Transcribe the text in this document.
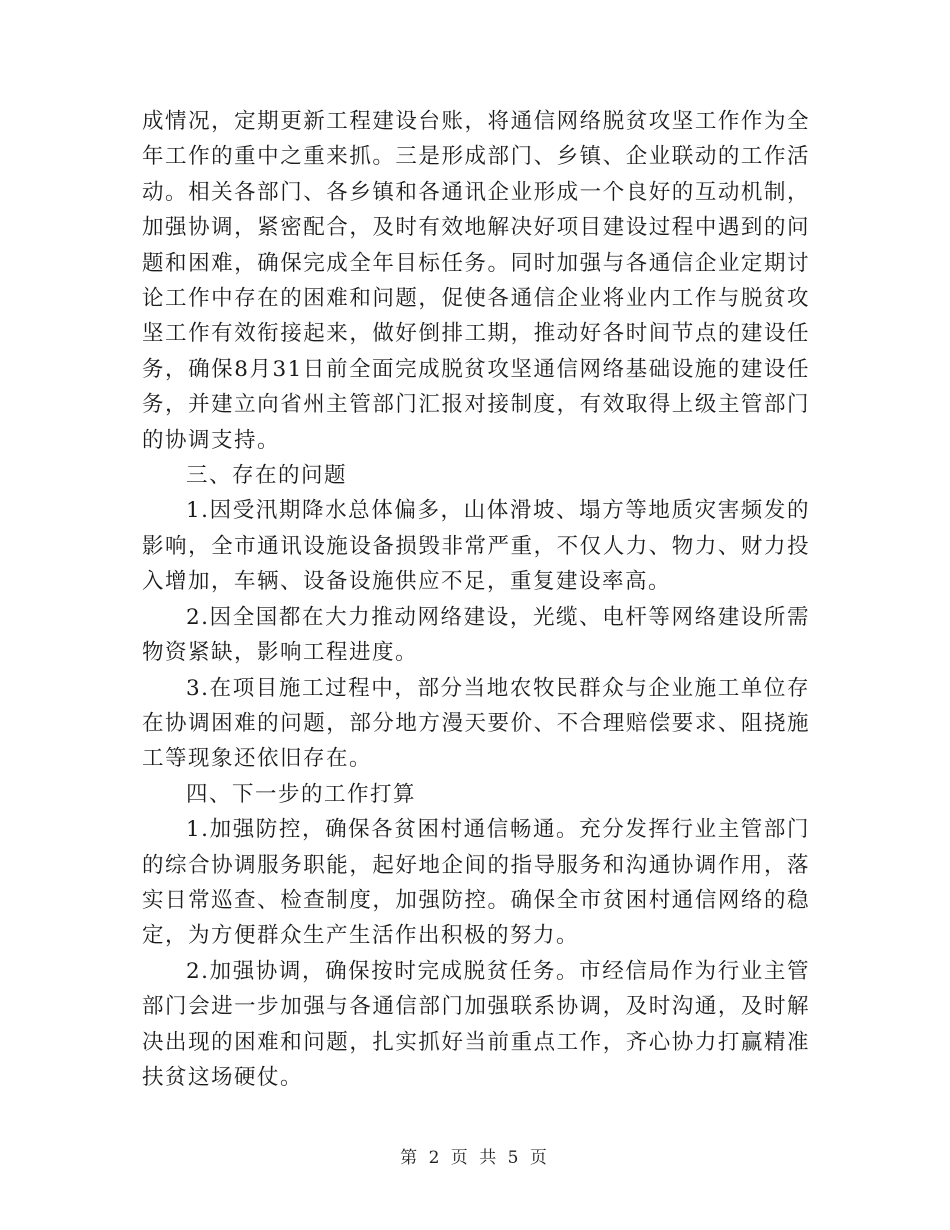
成情况，定期更新工程建设台账，将通信网络脱贫攻坚工作作为全年工作的重中之重来抓。三是形成部门、乡镇、企业联动的工作活动。相关各部门、各乡镇和各通讯企业形成一个良好的互动机制，加强协调，紧密配合，及时有效地解决好项目建设过程中遇到的问题和困难，确保完成全年目标任务。同时加强与各通信企业定期讨论工作中存在的困难和问题，促使各通信企业将业内工作与脱贫攻坚工作有效衔接起来，做好倒排工期，推动好各时间节点的建设任务，确保8月31日前全面完成脱贫攻坚通信网络基础设施的建设任务，并建立向省州主管部门汇报对接制度，有效取得上级主管部门的协调支持。

三、存在的问题

1.因受汛期降水总体偏多，山体滑坡、塌方等地质灾害频发的影响，全市通讯设施设备损毁非常严重，不仅人力、物力、财力投入增加，车辆、设备设施供应不足，重复建设率高。

2.因全国都在大力推动网络建设，光缆、电杆等网络建设所需物资紧缺，影响工程进度。

3.在项目施工过程中，部分当地农牧民群众与企业施工单位存在协调困难的问题，部分地方漫天要价、不合理赔偿要求、阻挠施工等现象还依旧存在。

四、下一步的工作打算

1.加强防控，确保各贫困村通信畅通。充分发挥行业主管部门的综合协调服务职能，起好地企间的指导服务和沟通协调作用，落实日常巡查、检查制度，加强防控。确保全市贫困村通信网络的稳定，为方便群众生产生活作出积极的努力。

2.加强协调，确保按时完成脱贫任务。市经信局作为行业主管部门会进一步加强与各通信部门加强联系协调，及时沟通，及时解决出现的困难和问题，扎实抓好当前重点工作，齐心协力打赢精准扶贫这场硬仗。

第 2 页 共 5 页
